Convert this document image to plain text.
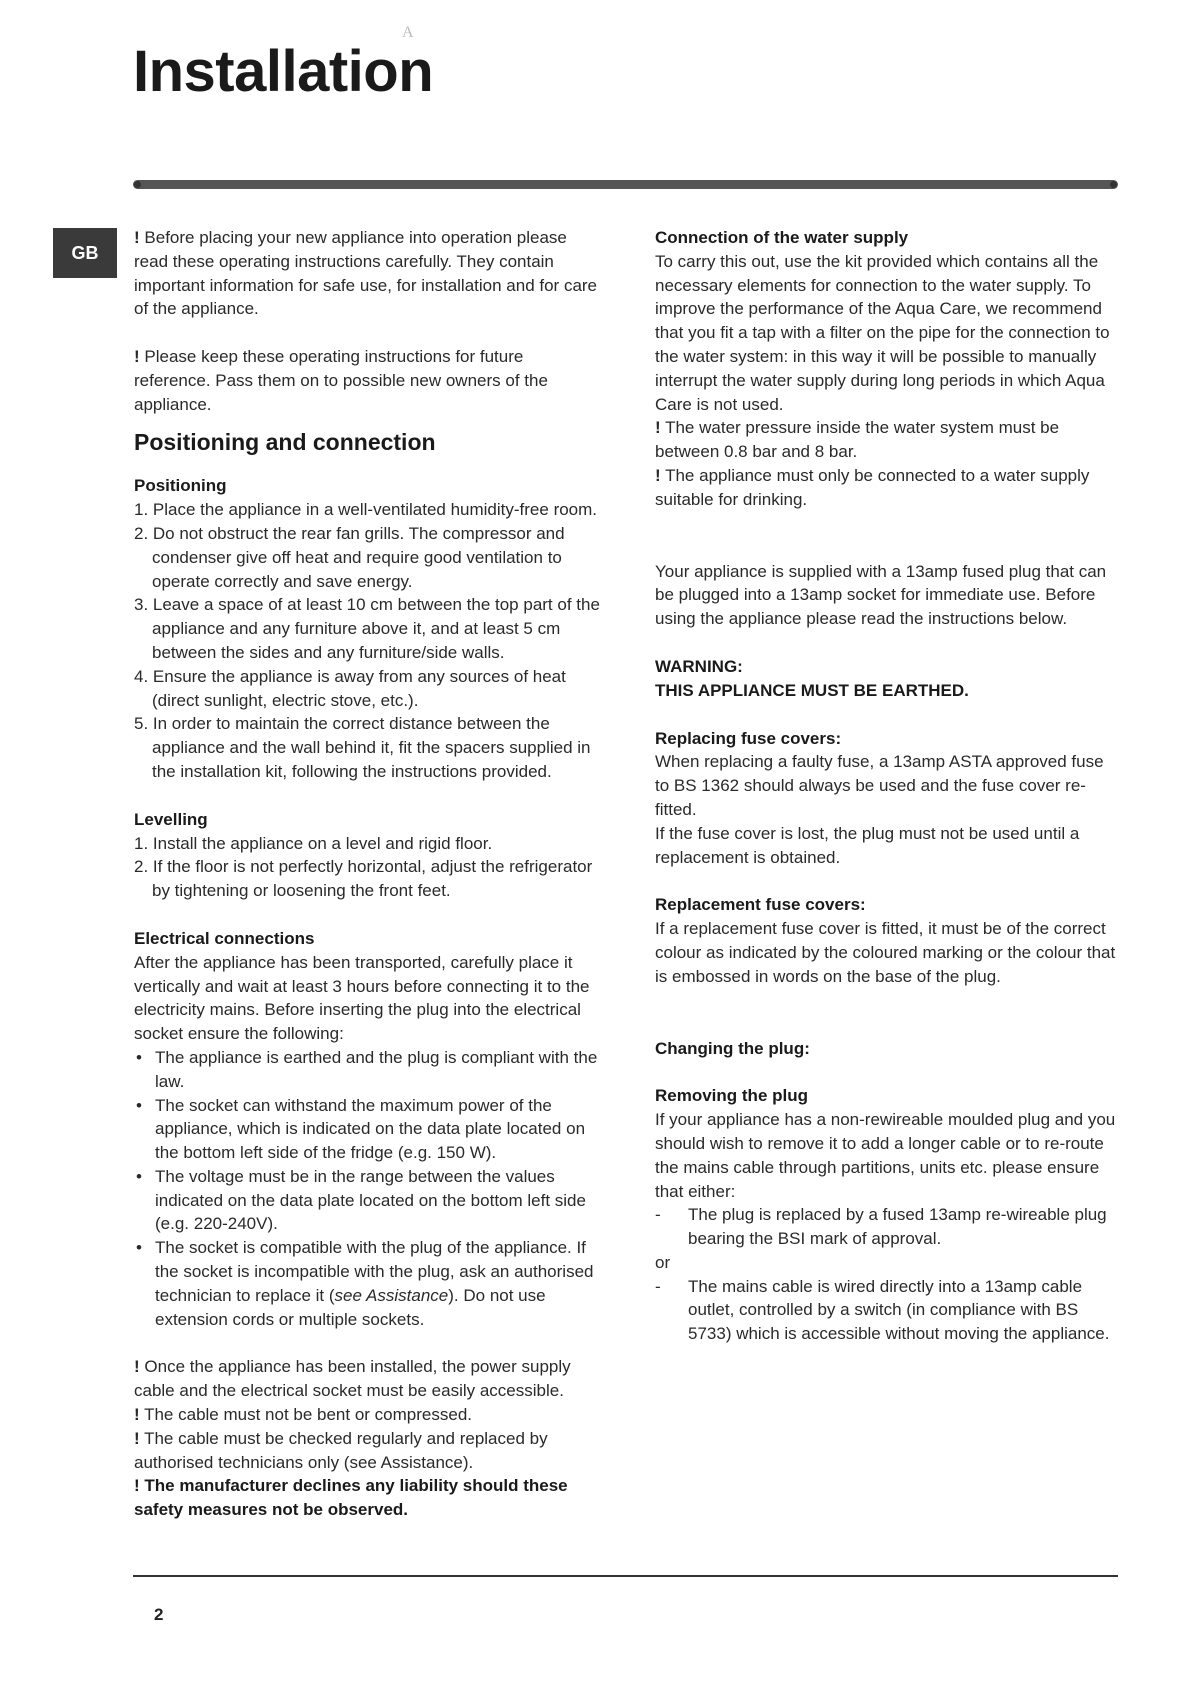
A
Installation
GB

! Before placing your new appliance into operation please read these operating instructions carefully. They contain important information for safe use, for installation and for care of the appliance.

! Please keep these operating instructions for future reference. Pass them on to possible new owners of the appliance.

Positioning and connection
Positioning
1. Place the appliance in a well-ventilated humidity-free room.
2. Do not obstruct the rear fan grills. The compressor and condenser give off heat and require good ventilation to operate correctly and save energy.
3. Leave a space of at least 10 cm between the top part of the appliance and any furniture above it, and at least 5 cm between the sides and any furniture/side walls.
4. Ensure the appliance is away from any sources of heat (direct sunlight, electric stove, etc.).
5. In order to maintain the correct distance between the appliance and the wall behind it, fit the spacers supplied in the installation kit, following the instructions provided.
Levelling
1. Install the appliance on a level and rigid floor.
2. If the floor is not perfectly horizontal, adjust the refrigerator by tightening or loosening the front feet.
Electrical connections

After the appliance has been transported, carefully place it vertically and wait at least 3 hours before connecting it to the electricity mains. Before inserting the plug into the electrical socket ensure the following:

• The appliance is earthed and the plug is compliant with the law.
• The socket can withstand the maximum power of the appliance, which is indicated on the data plate located on the bottom left side of the fridge (e.g. 150 W).
• The voltage must be in the range between the values indicated on the data plate located on the bottom left side (e.g. 220-240V).
• The socket is compatible with the plug of the appliance. If the socket is incompatible with the plug, ask an authorised technician to replace it (see Assistance). Do not use extension cords or multiple sockets.

! Once the appliance has been installed, the power supply cable and the electrical socket must be easily accessible.

! The cable must not be bent or compressed.

! The cable must be checked regularly and replaced by authorised technicians only (see Assistance).

! The manufacturer declines any liability should these safety measures not be observed.

Connection of the water supply

To carry this out, use the kit provided which contains all the necessary elements for connection to the water supply. To improve the performance of the Aqua Care, we recommend that you fit a tap with a filter on the pipe for the connection to the water system: in this way it will be possible to manually interrupt the water supply during long periods in which Aqua Care is not used.

! The water pressure inside the water system must be between 0.8 bar and 8 bar.

! The appliance must only be connected to a water supply suitable for drinking.

Your appliance is supplied with a 13amp fused plug that can be plugged into a 13amp socket for immediate use. Before using the appliance please read the instructions below.

WARNING:

THIS APPLIANCE MUST BE EARTHED.

Replacing fuse covers:

When replacing a faulty fuse, a 13amp ASTA approved fuse to BS 1362 should always be used and the fuse cover re-fitted.

If the fuse cover is lost, the plug must not be used until a replacement is obtained.

Replacement fuse covers:

If a replacement fuse cover is fitted, it must be of the correct colour as indicated by the coloured marking or the colour that is embossed in words on the base of the plug.

Changing the plug:
Removing the plug

If your appliance has a non-rewireable moulded plug and you should wish to remove it to add a longer cable or to re-route the mains cable through partitions, units etc. please ensure that either:

- The plug is replaced by a fused 13amp re-wireable plug bearing the BSI mark of approval.

or

- The mains cable is wired directly into a 13amp cable outlet, controlled by a switch (in compliance with BS 5733) which is accessible without moving the appliance.
2
